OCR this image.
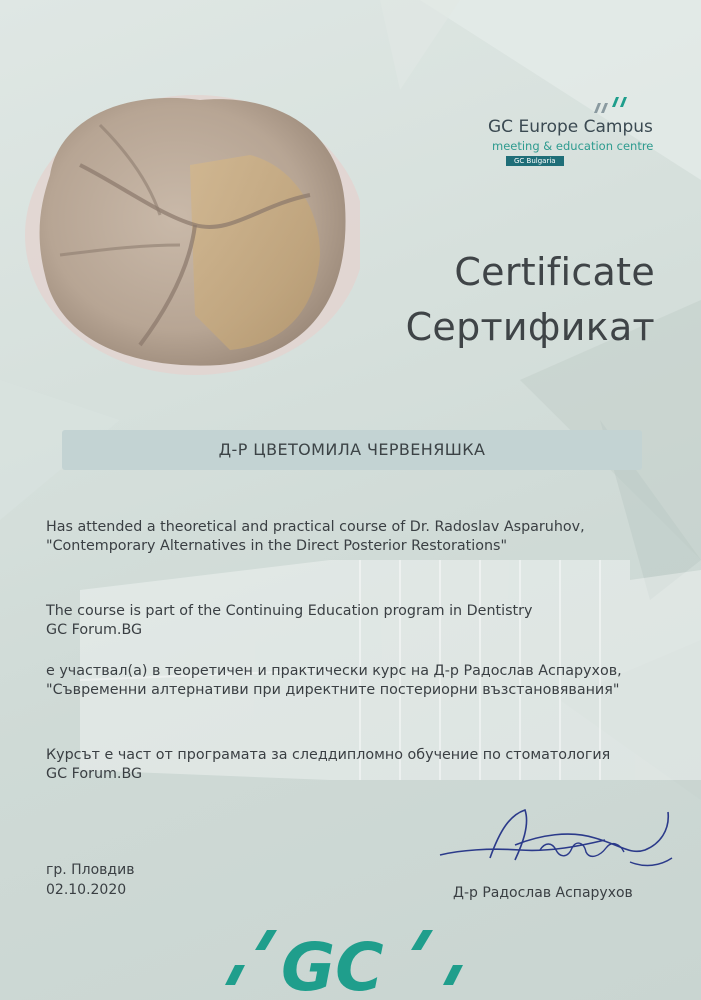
GC Europe Campus
meeting & education centre
GC Bulgaria
Certificate
Сертификат
Д-Р ЦВЕТОМИЛА ЧЕРВЕНЯШКА
Has attended a theoretical and practical course of Dr. Radoslav Asparuhov,
"Contemporary Alternatives in the Direct Posterior Restorations"
The course is part of the Continuing Education program in Dentistry
GC Forum.BG
е участвал(а) в теоретичен и практически курс на Д-р Радослав Аспарухов,
"Съвременни алтернативи при директните постериорни възстановявания"
Курсът е част от програмата за следдипломно обучение по стоматология
GC Forum.BG
гр. Пловдив
02.10.2020	Д-р Радослав Аспарухов
GC
